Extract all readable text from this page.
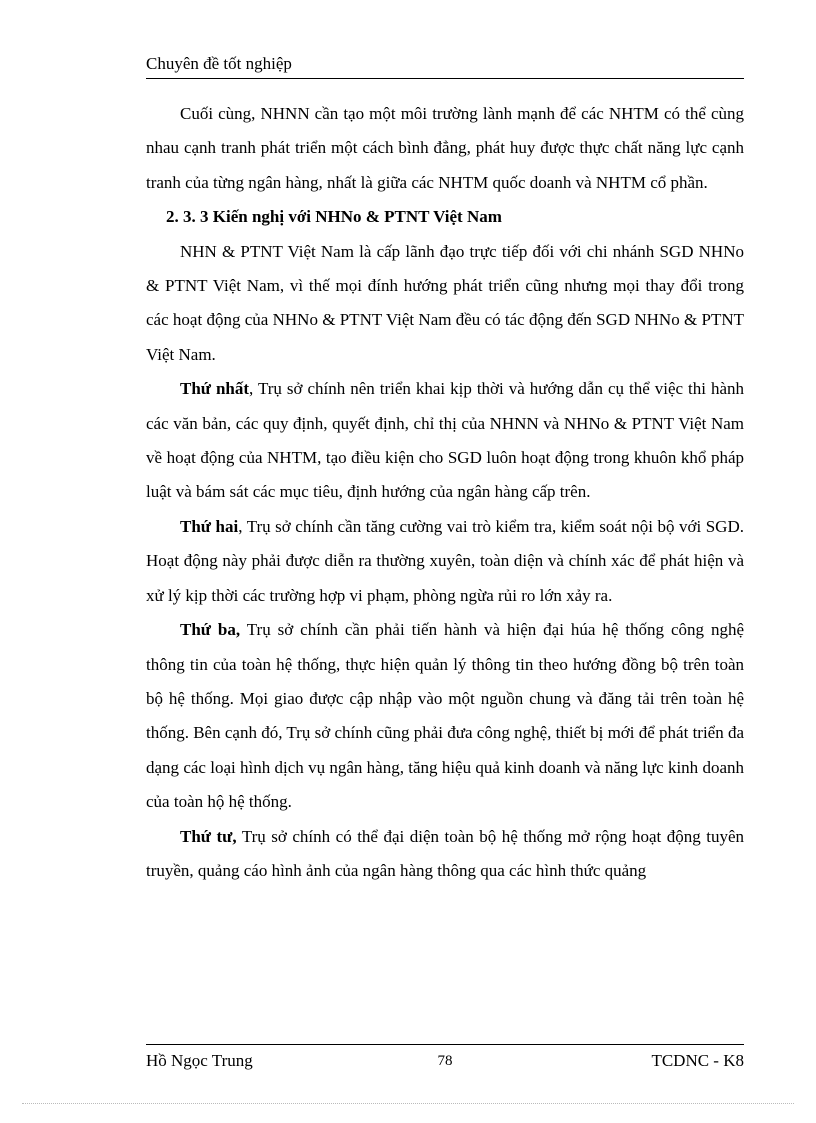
Chuyên đề tốt nghiệp

Cuối cùng, NHNN cần tạo một môi trường lành mạnh để các NHTM có thể cùng nhau cạnh tranh phát triển một cách bình đẳng, phát huy được thực chất năng lực cạnh tranh của từng ngân hàng, nhất là giữa các NHTM quốc doanh và NHTM cổ phần.

2. 3. 3 Kiến nghị với NHNo & PTNT Việt Nam

NHN & PTNT Việt Nam là cấp lãnh đạo trực tiếp đối với chi nhánh SGD NHNo & PTNT Việt Nam, vì thế mọi đính hướng phát triển cũng nhưng mọi thay đổi trong các hoạt động của NHNo & PTNT Việt Nam đều có tác động đến SGD NHNo & PTNT Việt Nam.

Thứ nhất, Trụ sở chính nên triển khai kịp thời và hướng dẫn cụ thể việc thi hành các văn bản, các quy định, quyết định, chỉ thị của NHNN và NHNo & PTNT Việt Nam về hoạt động của NHTM, tạo điều kiện cho SGD luôn hoạt động trong khuôn khổ pháp luật và bám sát các mục tiêu, định hướng của ngân hàng cấp trên.

Thứ hai, Trụ sở chính cần tăng cường vai trò kiểm tra, kiểm soát nội bộ với SGD. Hoạt động này phải được diễn ra thường xuyên, toàn diện và chính xác để phát hiện và xử lý kịp thời các trường hợp vi phạm, phòng ngừa rủi ro lớn xảy ra.

Thứ ba, Trụ sở chính cần phải tiến hành và hiện đại húa hệ thống công nghệ thông tin của toàn hệ thống, thực hiện quản lý thông tin theo hướng đồng bộ trên toàn bộ hệ thống. Mọi giao được cập nhập vào một nguồn chung và đăng tải trên toàn hệ thống. Bên cạnh đó, Trụ sở chính cũng phải đưa công nghệ, thiết bị mới để phát triển đa dạng các loại hình dịch vụ ngân hàng, tăng hiệu quả kinh doanh và năng lực kinh doanh của toàn hộ hệ thống.

Thứ tư, Trụ sở chính có thể đại diện toàn bộ hệ thống mở rộng hoạt động tuyên truyền, quảng cáo hình ảnh của ngân hàng thông qua các hình thức quảng

Hồ Ngọc Trung	78	TCDNC - K8
